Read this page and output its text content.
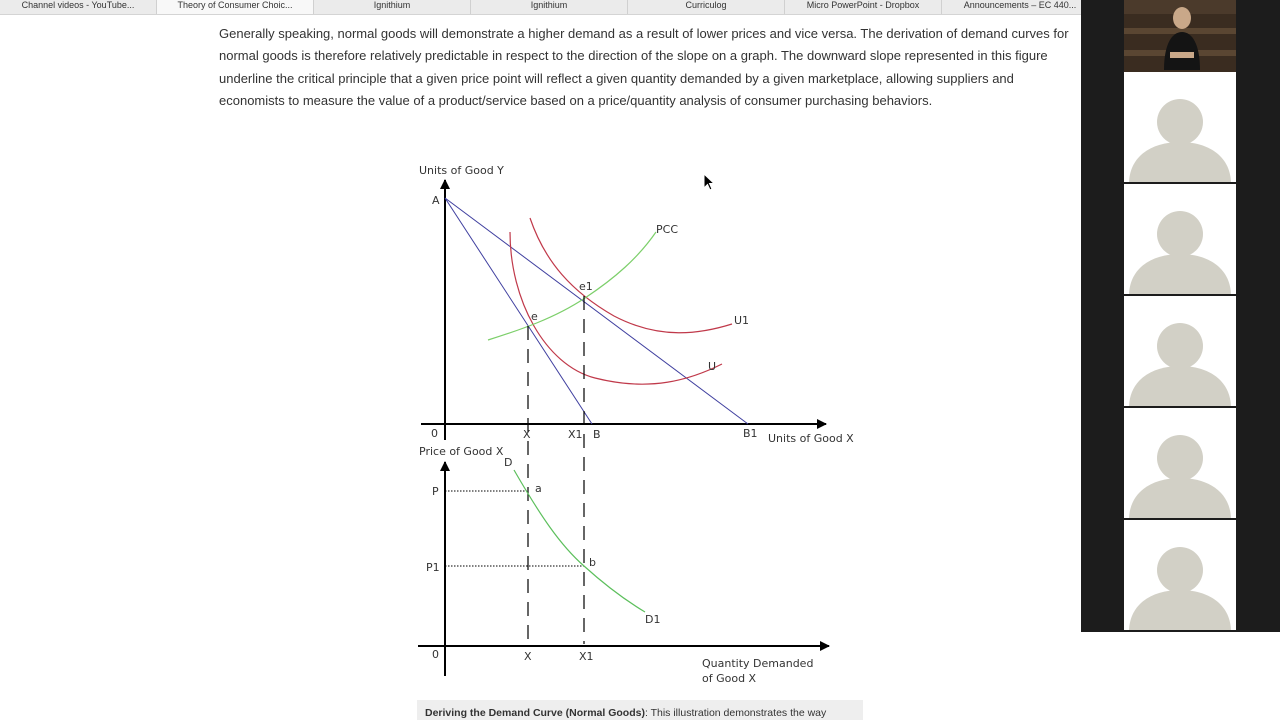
Channel videos - YouTube...	Theory of Consumer Choic...	Ignithium	Ignithium	Curriculog	Micro PowerPoint - Dropbox	Announcements – EC 440...

Generally speaking, normal goods will demonstrate a higher demand as a result of lower prices and vice versa. The derivation of demand curves for normal goods is therefore relatively predictable in respect to the direction of the slope on a graph. The downward slope represented in this figure underline the critical principle that a given price point will reflect a given quantity demanded by a given marketplace, allowing suppliers and economists to measure the value of a product/service based on a price/quantity analysis of consumer purchasing behaviors.

Units of Good Y
A
PCC
e1
e	U1
U
0	X	X1 B	B1 Units of Good X
Price of Good X
D
a
P
b
P1
D1
0	X	X1
Quantity Demanded
of Good X
Deriving the Demand Curve (Normal Goods): This illustration demonstrates the way
